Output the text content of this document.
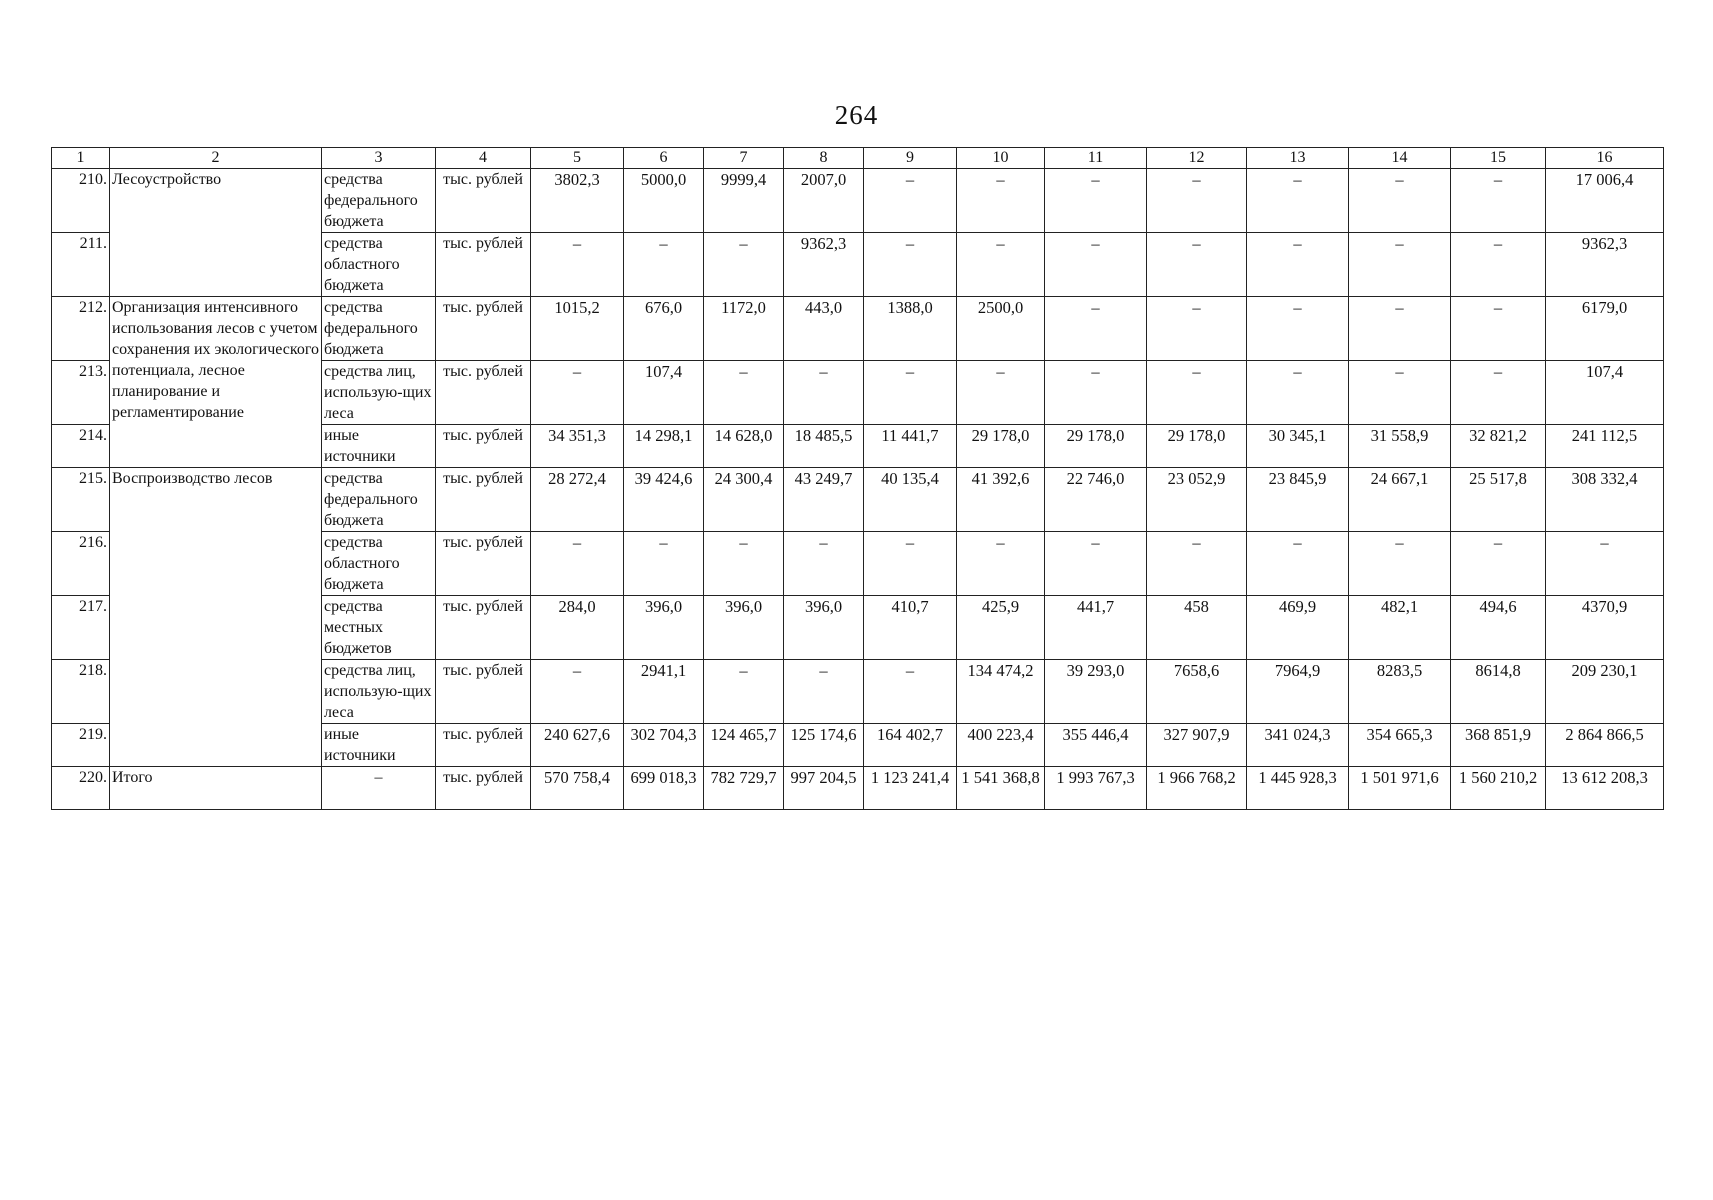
264
1	2	3	4	5	6	7	8	9	10	11	12	13	14	15	16
210.	Лесоустройство	средства федерального бюджета	тыс. рублей	3802,3	5000,0	9999,4	2007,0	–	–	–	–	–	–	–	17 006,4
211.		средства областного бюджета	тыс. рублей	–	–	–	9362,3	–	–	–	–	–	–	–	9362,3
212.	Организация интенсивного использования лесов с учетом сохранения их экологического потенциала, лесное планирование и регламентирование	средства федерального бюджета	тыс. рублей	1015,2	676,0	1172,0	443,0	1388,0	2500,0	–	–	–	–	–	6179,0
213.		средства лиц, использую-щих леса	тыс. рублей	–	107,4	–	–	–	–	–	–	–	–	–	107,4
214.		иные источники	тыс. рублей	34 351,3	14 298,1	14 628,0	18 485,5	11 441,7	29 178,0	29 178,0	29 178,0	30 345,1	31 558,9	32 821,2	241 112,5
215.	Воспроизводство лесов	средства федерального бюджета	тыс. рублей	28 272,4	39 424,6	24 300,4	43 249,7	40 135,4	41 392,6	22 746,0	23 052,9	23 845,9	24 667,1	25 517,8	308 332,4
216.		средства областного бюджета	тыс. рублей	–	–	–	–	–	–	–	–	–	–	–	–
217.		средства местных бюджетов	тыс. рублей	284,0	396,0	396,0	396,0	410,7	425,9	441,7	458	469,9	482,1	494,6	4370,9
218.		средства лиц, использую-щих леса	тыс. рублей	–	2941,1	–	–	–	134 474,2	39 293,0	7658,6	7964,9	8283,5	8614,8	209 230,1
219.		иные источники	тыс. рублей	240 627,6	302 704,3	124 465,7	125 174,6	164 402,7	400 223,4	355 446,4	327 907,9	341 024,3	354 665,3	368 851,9	2 864 866,5
220.	Итого	–	тыс. рублей	570 758,4	699 018,3	782 729,7	997 204,5	1 123 241,4	1 541 368,8	1 993 767,3	1 966 768,2	1 445 928,3	1 501 971,6	1 560 210,2	13 612 208,3
